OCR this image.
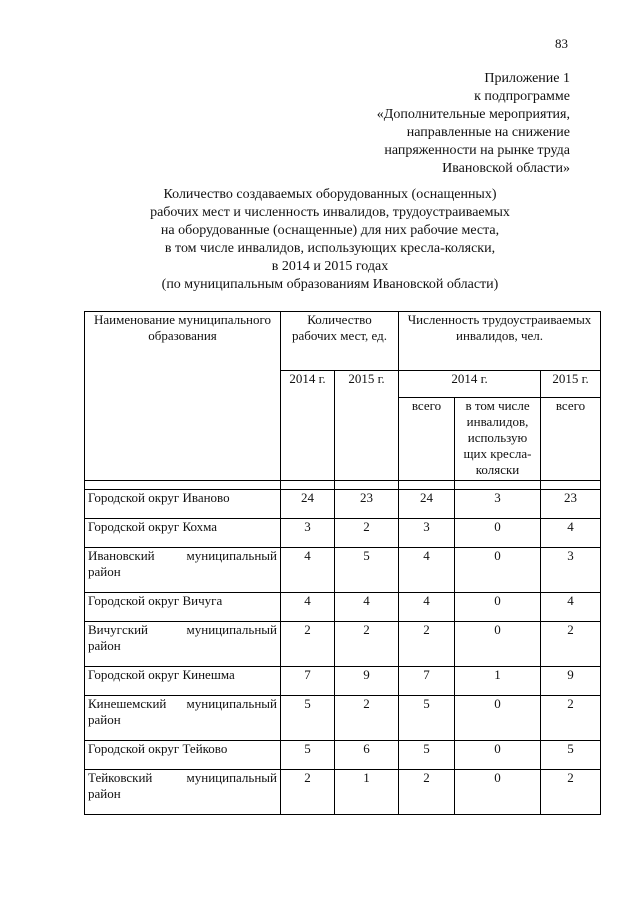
83
Приложение 1
к подпрограмме
«Дополнительные мероприятия,
направленные на снижение
напряженности на рынке труда
Ивановской области»
Количество создаваемых оборудованных (оснащенных)
рабочих мест и численность инвалидов, трудоустраиваемых
на оборудованные (оснащенные) для них рабочие места,
в том числе инвалидов, использующих кресла-коляски,
в 2014 и 2015 годах
(по муниципальным образованиям Ивановской области)
Наименование муниципального образования	Количество рабочих мест, ед.		Численность трудоустраиваемых инвалидов, чел.		
	2014 г.	2015 г.	2014 г.		2015 г.
			всего	в том числе инвалидов, использую щих кресла-коляски	всего

Городской округ Иваново	24	23	24	3	23
Городской округ Кохма	3	2	3	0	4
Ивановский муниципальный район	4	5	4	0	3
Городской округ Вичуга	4	4	4	0	4
Вичугский муниципальный район	2	2	2	0	2
Городской округ Кинешма	7	9	7	1	9
Кинешемский муниципальный район	5	2	5	0	2
Городской округ Тейково	5	6	5	0	5
Тейковский муниципальный район	2	1	2	0	2
